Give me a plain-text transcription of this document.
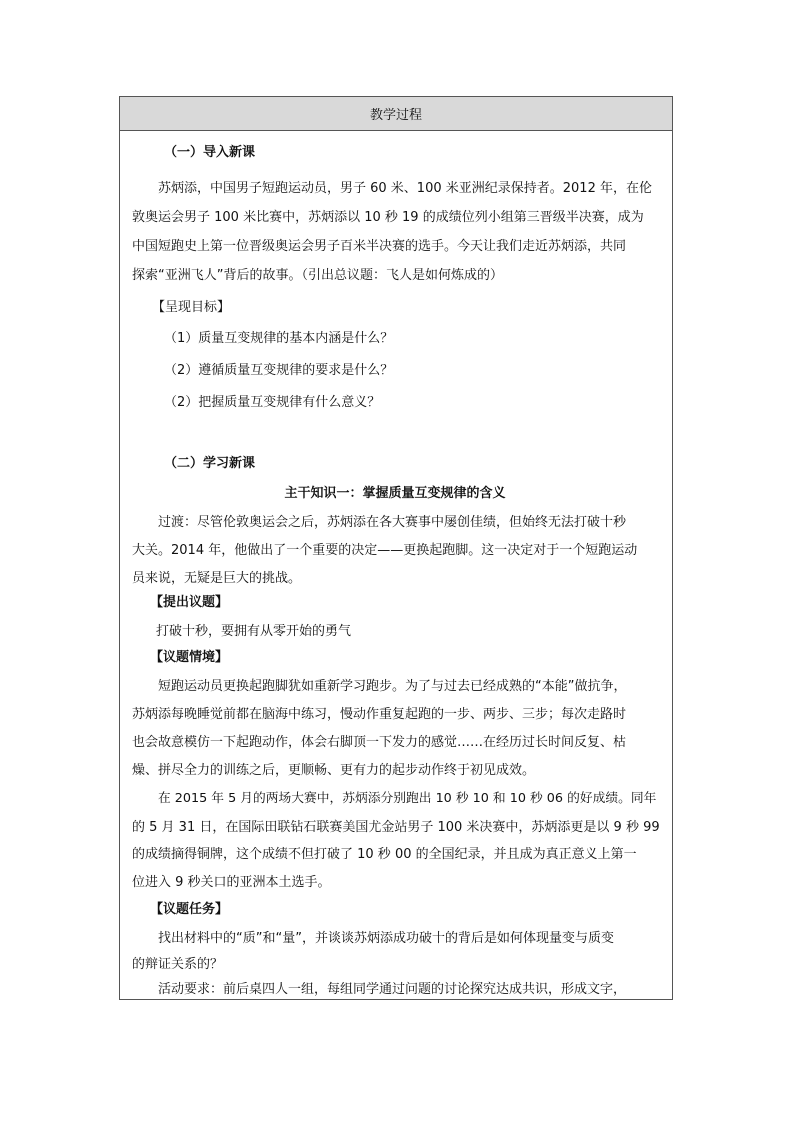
教学过程
（一）导入新课
苏炳添，中国男子短跑运动员，男子 60 米、100 米亚洲纪录保持者。2012 年，在伦
敦奥运会男子 100 米比赛中，苏炳添以 10 秒 19 的成绩位列小组第三晋级半决赛，成为
中国短跑史上第一位晋级奥运会男子百米半决赛的选手。今天让我们走近苏炳添，共同
探索“亚洲飞人”背后的故事。（引出总议题：飞人是如何炼成的）
【呈现目标】
（1）质量互变规律的基本内涵是什么？
（2）遵循质量互变规律的要求是什么？
（2）把握质量互变规律有什么意义？
（二）学习新课
主干知识一：掌握质量互变规律的含义
过渡：尽管伦敦奥运会之后，苏炳添在各大赛事中屡创佳绩，但始终无法打破十秒
大关。2014 年，他做出了一个重要的决定——更换起跑脚。这一决定对于一个短跑运动
员来说，无疑是巨大的挑战。
【提出议题】
打破十秒，要拥有从零开始的勇气
【议题情境】
短跑运动员更换起跑脚犹如重新学习跑步。为了与过去已经成熟的“本能”做抗争，
苏炳添每晚睡觉前都在脑海中练习，慢动作重复起跑的一步、两步、三步；每次走路时
也会故意模仿一下起跑动作，体会右脚顶一下发力的感觉……在经历过长时间反复、枯
燥、拼尽全力的训练之后，更顺畅、更有力的起步动作终于初见成效。
在 2015 年 5 月的两场大赛中，苏炳添分别跑出 10 秒 10 和 10 秒 06 的好成绩。同年
的 5 月 31 日，在国际田联钻石联赛美国尤金站男子 100 米决赛中，苏炳添更是以 9 秒 99
的成绩摘得铜牌，这个成绩不但打破了 10 秒 00 的全国纪录，并且成为真正意义上第一
位进入 9 秒关口的亚洲本土选手。
【议题任务】
找出材料中的“质”和“量”，并谈谈苏炳添成功破十的背后是如何体现量变与质变
的辩证关系的？
活动要求：前后桌四人一组，每组同学通过问题的讨论探究达成共识，形成文字，
